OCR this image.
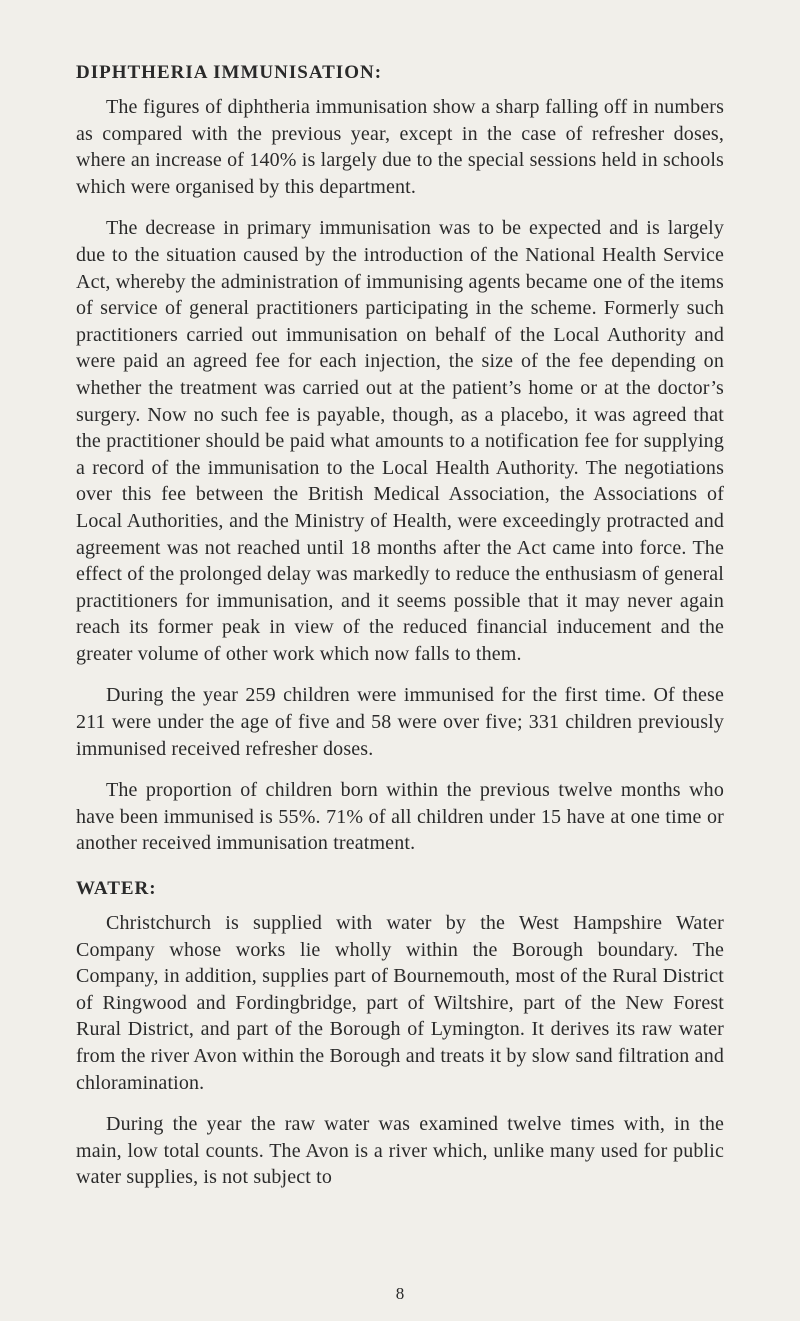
DIPHTHERIA IMMUNISATION:

The figures of diphtheria immunisation show a sharp falling off in numbers as compared with the previous year, except in the case of refresher doses, where an increase of 140% is largely due to the special sessions held in schools which were organised by this department.

The decrease in primary immunisation was to be expected and is largely due to the situation caused by the introduction of the National Health Service Act, whereby the administration of immunising agents became one of the items of service of general practitioners participating in the scheme. Formerly such practitioners carried out immunisation on behalf of the Local Authority and were paid an agreed fee for each injection, the size of the fee depending on whether the treatment was carried out at the patient’s home or at the doctor’s surgery. Now no such fee is payable, though, as a placebo, it was agreed that the practitioner should be paid what amounts to a notification fee for supplying a record of the immunisation to the Local Health Authority. The negotiations over this fee between the British Medical Association, the Associations of Local Authorities, and the Ministry of Health, were exceedingly protracted and agreement was not reached until 18 months after the Act came into force. The effect of the prolonged delay was markedly to reduce the enthusiasm of general practitioners for immunisation, and it seems possible that it may never again reach its former peak in view of the reduced financial inducement and the greater volume of other work which now falls to them.

During the year 259 children were immunised for the first time. Of these 211 were under the age of five and 58 were over five; 331 children previously immunised received refresher doses.

The proportion of children born within the previous twelve months who have been immunised is 55%. 71% of all children under 15 have at one time or another received immunisation treatment.

WATER:

Christchurch is supplied with water by the West Hampshire Water Company whose works lie wholly within the Borough boundary. The Company, in addition, supplies part of Bournemouth, most of the Rural District of Ringwood and Fordingbridge, part of Wiltshire, part of the New Forest Rural District, and part of the Borough of Lymington. It derives its raw water from the river Avon within the Borough and treats it by slow sand filtration and chloramination.

During the year the raw water was examined twelve times with, in the main, low total counts. The Avon is a river which, unlike many used for public water supplies, is not subject to

8
